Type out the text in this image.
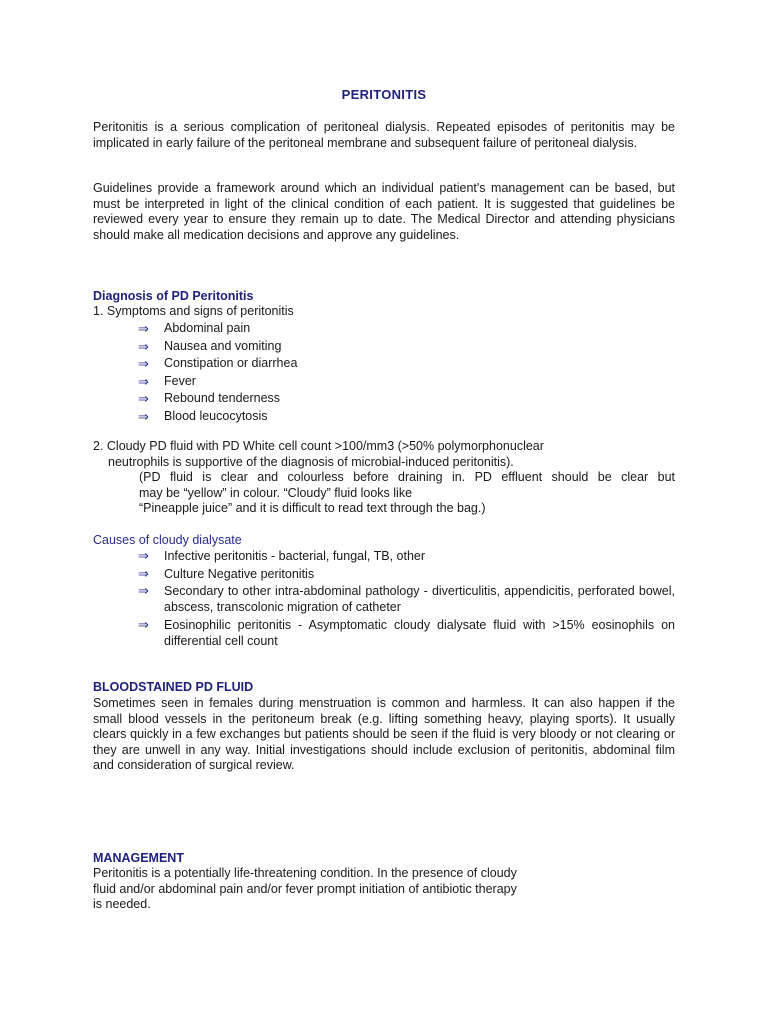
PERITONITIS

Peritonitis is a serious complication of peritoneal dialysis. Repeated episodes of peritonitis may be implicated in early failure of the peritoneal membrane and subsequent failure of peritoneal dialysis.

Guidelines provide a framework around which an individual patient's management can be based, but must be interpreted in light of the clinical condition of each patient. It is suggested that guidelines be reviewed every year to ensure they remain up to date. The Medical Director and attending physicians should make all medication decisions and approve any guidelines.

Diagnosis of PD Peritonitis
1. Symptoms and signs of peritonitis
⇒	Abdominal pain
⇒	Nausea and vomiting
⇒	Constipation or diarrhea
⇒	Fever
⇒	Rebound tenderness
⇒	Blood leucocytosis
2. Cloudy PD fluid with PD White cell count >100/mm3 (>50% polymorphonuclear
neutrophils is supportive of the diagnosis of microbial-induced peritonitis).
(PD fluid is clear and colourless before draining in. PD effluent should be clear but
may be “yellow” in colour. “Cloudy” fluid looks like
“Pineapple juice” and it is difficult to read text through the bag.)
Causes of cloudy dialysate
⇒	Infective peritonitis - bacterial, fungal, TB, other
⇒	Culture Negative peritonitis
⇒	Secondary to other intra-abdominal pathology - diverticulitis, appendicitis, perforated bowel, abscess, transcolonic migration of catheter
⇒	Eosinophilic peritonitis - Asymptomatic cloudy dialysate fluid with >15% eosinophils on differential cell count
BLOODSTAINED PD FLUID

Sometimes seen in females during menstruation is common and harmless. It can also happen if the small blood vessels in the peritoneum break (e.g. lifting something heavy, playing sports). It usually clears quickly in a few exchanges but patients should be seen if the fluid is very bloody or not clearing or they are unwell in any way. Initial investigations should include exclusion of peritonitis, abdominal film and consideration of surgical review.

MANAGEMENT
Peritonitis is a potentially life-threatening condition. In the presence of cloudy
fluid and/or abdominal pain and/or fever prompt initiation of antibiotic therapy
is needed.
